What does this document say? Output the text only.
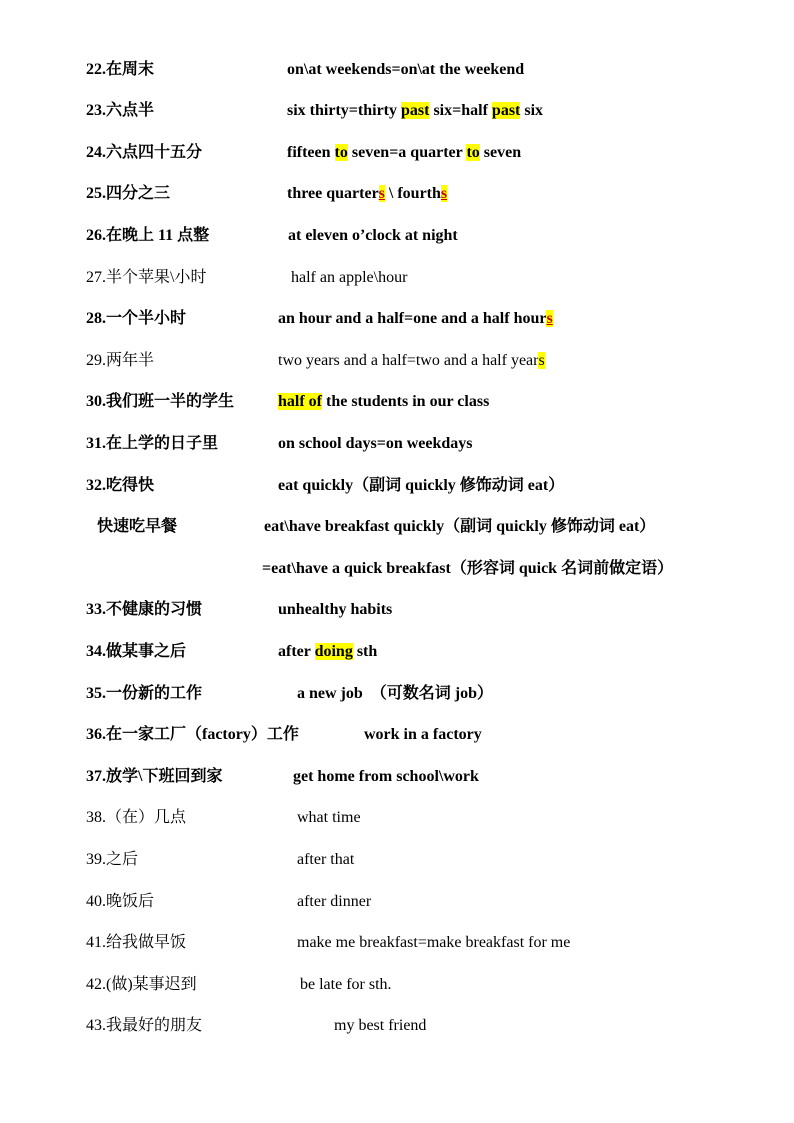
22.在周末	on\at weekends=on\at the weekend
23.六点半	six thirty=thirty past six=half past six
24.六点四十五分	fifteen to seven=a quarter to seven
25.四分之三	three quarters \ fourths
26.在晚上 11 点整	at eleven o’clock at night
27.半个苹果\小时	half an apple\hour
28.一个半小时	an hour and a half=one and a half hours
29.两年半	two years and a half=two and a half years
30.我们班一半的学生	half of the students in our class
31.在上学的日子里	on school days=on weekdays
32.吃得快	eat quickly（副词 quickly 修饰动词 eat）
快速吃早餐	eat\have breakfast quickly（副词 quickly 修饰动词 eat）
=eat\have a quick breakfast（形容词 quick 名词前做定语）
33.不健康的习惯	unhealthy habits
34.做某事之后	after doing sth
35.一份新的工作	a new job　（可数名词 job）
36.在一家工厂（factory）工作	work in a factory
37.放学\下班回到家	get home from school\work
38.（在）几点	what time
39.之后	after that
40.晚饭后	after dinner
41.给我做早饭	make me breakfast=make breakfast for me
42.(做)某事迟到	be late for sth.
43.我最好的朋友	my best friend
